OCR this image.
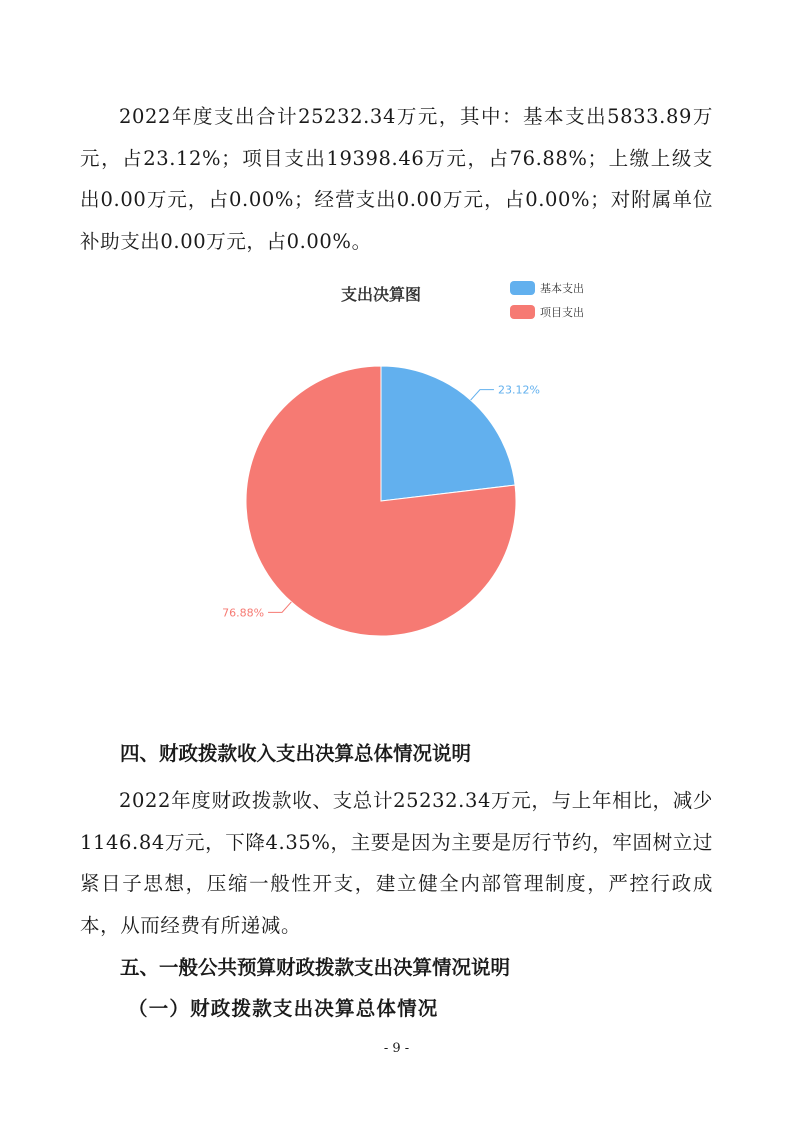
2022年度支出合计25232.34万元，其中：基本支出5833.89万元，占23.12%；项目支出19398.46万元，占76.88%；上缴上级支出0.00万元，占0.00%；经营支出0.00万元，占0.00%；对附属单位补助支出0.00万元，占0.00%。

支出决算图	基本支出
项目支出
23.12%
76.88%
四、财政拨款收入支出决算总体情况说明

2022年度财政拨款收、支总计25232.34万元，与上年相比，减少1146.84万元，下降4.35%，主要是因为主要是厉行节约，牢固树立过紧日子思想，压缩一般性开支，建立健全内部管理制度，严控行政成本，从而经费有所递减。

五、一般公共预算财政拨款支出决算情况说明
（一）财政拨款支出决算总体情况
- 9 -
